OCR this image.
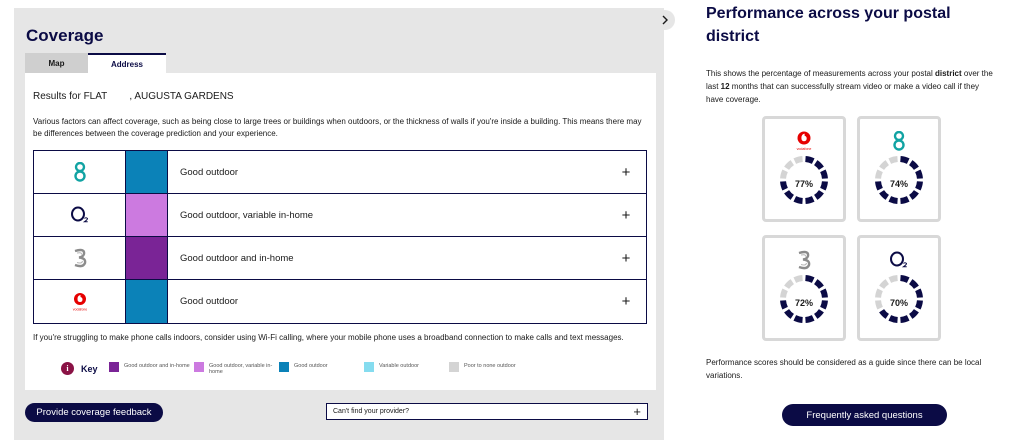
Coverage
Map	Address
Results for FLAT        , AUGUSTA GARDENS
Various factors can affect coverage, such as being close to large trees or buildings when outdoors, or the thickness of walls if you're inside a building. This means there may be differences between the coverage prediction and your experience.
Good outdoor	+
Good outdoor, variable in-home	+
Good outdoor and in-home	+
vodafone
Good outdoor	+
If you're struggling to make phone calls indoors, consider using Wi-Fi calling, where your mobile phone uses a broadband connection to make calls and text messages.
i	Key	Good outdoor and in-home	Good outdoor, variable in-home
Good outdoor	Variable outdoor	Poor to none outdoor
Provide coverage feedback	Can't find your provider?	+
Performance across your postal district
This shows the percentage of measurements across your postal district over the last 12 months that can successfully stream video or make a video call if they have coverage.
vodafone
77%	74%
72%	70%
Performance scores should be considered as a guide since there can be local variations.
Frequently asked questions
